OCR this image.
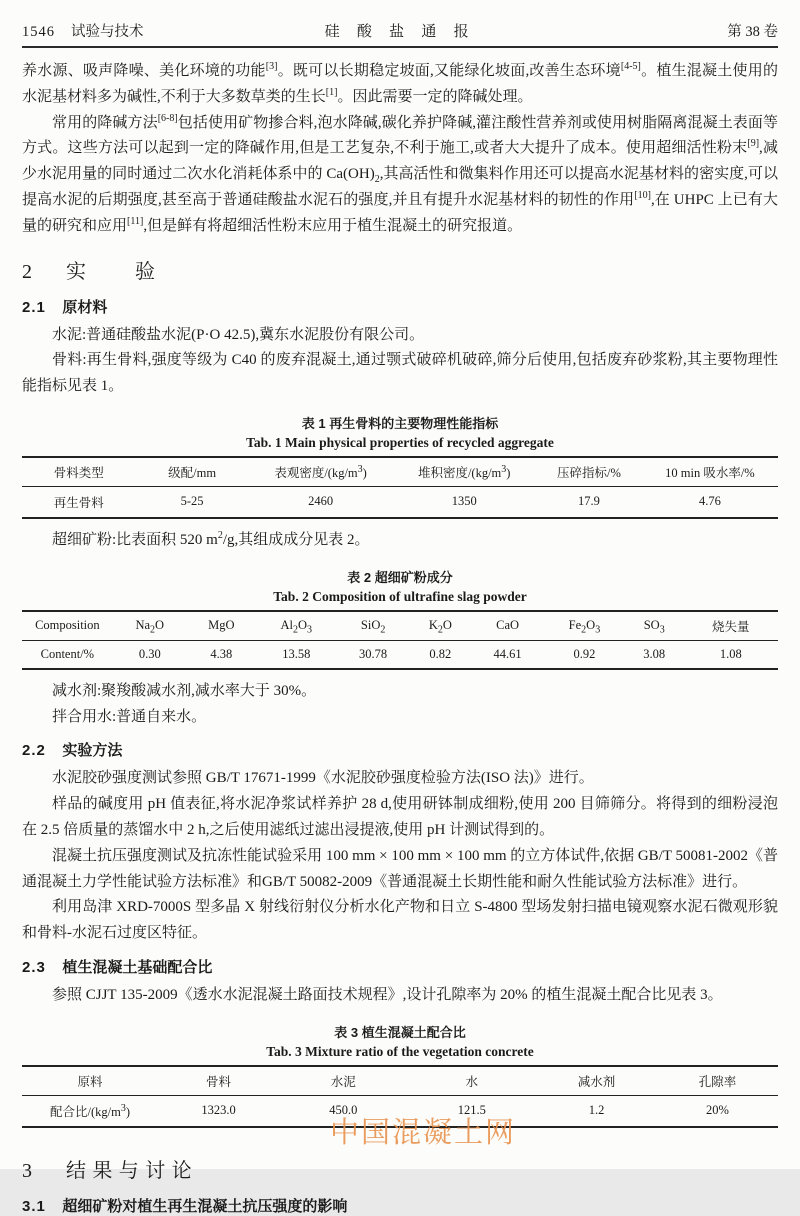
1546 试验与技术	硅 酸 盐 通 报	第 38 卷

养水源、吸声降噪、美化环境的功能[3]。既可以长期稳定坡面,又能绿化坡面,改善生态环境[4-5]。植生混凝土使用的水泥基材料多为碱性,不利于大多数草类的生长[1]。因此需要一定的降碱处理。

常用的降碱方法[6-8]包括使用矿物掺合料,泡水降碱,碳化养护降碱,灌注酸性营养剂或使用树脂隔离混凝土表面等方式。这些方法可以起到一定的降碱作用,但是工艺复杂,不利于施工,或者大大提升了成本。使用超细活性粉末[9],减少水泥用量的同时通过二次水化消耗体系中的 $Ca(OH)_2$,其高活性和微集料作用还可以提高水泥基材料的密实度,可以提高水泥的后期强度,甚至高于普通硅酸盐水泥石的强度,并且有提升水泥基材料的韧性的作用[10],在 UHPC 上已有大量的研究和应用[11],但是鲜有将超细活性粉末应用于植生混凝土的研究报道。

2 实 验
2.1 原材料

水泥:普通硅酸盐水泥(P·O 42.5),冀东水泥股份有限公司。

骨料:再生骨料,强度等级为 C40 的废弃混凝土,通过颚式破碎机破碎,筛分后使用,包括废弃砂浆粉,其主要物理性能指标见表 1。

表 1 再生骨料的主要物理性能指标
Tab. 1 Main physical properties of recycled aggregate
骨料类型	级配/mm	表观密度$/(kg/m^3)$	堆积密度$/(kg/m^3)$	压碎指标/%	10 min 吸水率/%
再生骨料	5-25	2460	1350	17.9	4.76

超细矿粉:比表面积 520 $m^2/g$,其组成成分见表 2。

表 2 超细矿粉成分
Tab. 2 Composition of ultrafine slag powder
Composition	$Na_2O$	MgO	$Al_2O_3$	SiO$_2$	$K_2O$	CaO	$Fe_2O_3$	$SO_3$	烧失量
Content/%	0.30	4.38	13.58	30.78	0.82	44.61	0.92	3.08	1.08

减水剂:聚羧酸减水剂,减水率大于 30%。

拌合用水:普通自来水。

2.2 实验方法

水泥胶砂强度测试参照 GB/T 17671-1999《水泥胶砂强度检验方法(ISO 法)》进行。

样品的碱度用 pH 值表征,将水泥净浆试样养护 28 d,使用研钵制成细粉,使用 200 目筛筛分。将得到的细粉浸泡在 2.5 倍质量的蒸馏水中 2 h,之后使用滤纸过滤出浸提液,使用 pH 计测试得到的。

混凝土抗压强度测试及抗冻性能试验采用 100 mm × 100 mm × 100 mm 的立方体试件,依据 GB/T 50081-2002《普通混凝土力学性能试验方法标准》和GB/T 50082-2009《普通混凝土长期性能和耐久性能试验方法标准》进行。

利用岛津 XRD-7000S 型多晶 X 射线衍射仪分析水化产物和日立 S-4800 型场发射扫描电镜观察水泥石微观形貌和骨料-水泥石过度区特征。

2.3 植生混凝土基础配合比

参照 CJJT 135-2009《透水水泥混凝土路面技术规程》,设计孔隙率为 20% 的植生混凝土配合比见表 3。

表 3 植生混凝土配合比
Tab. 3 Mixture ratio of the vegetation concrete
原料	骨料	水泥	水	减水剂	孔隙率
配合比$/(kg/m^3)$	1323.0	450.0	121.5	1.2	20%
3 结果与讨论
3.1 超细矿粉对植生再生混凝土抗压强度的影响
中国混凝土网
